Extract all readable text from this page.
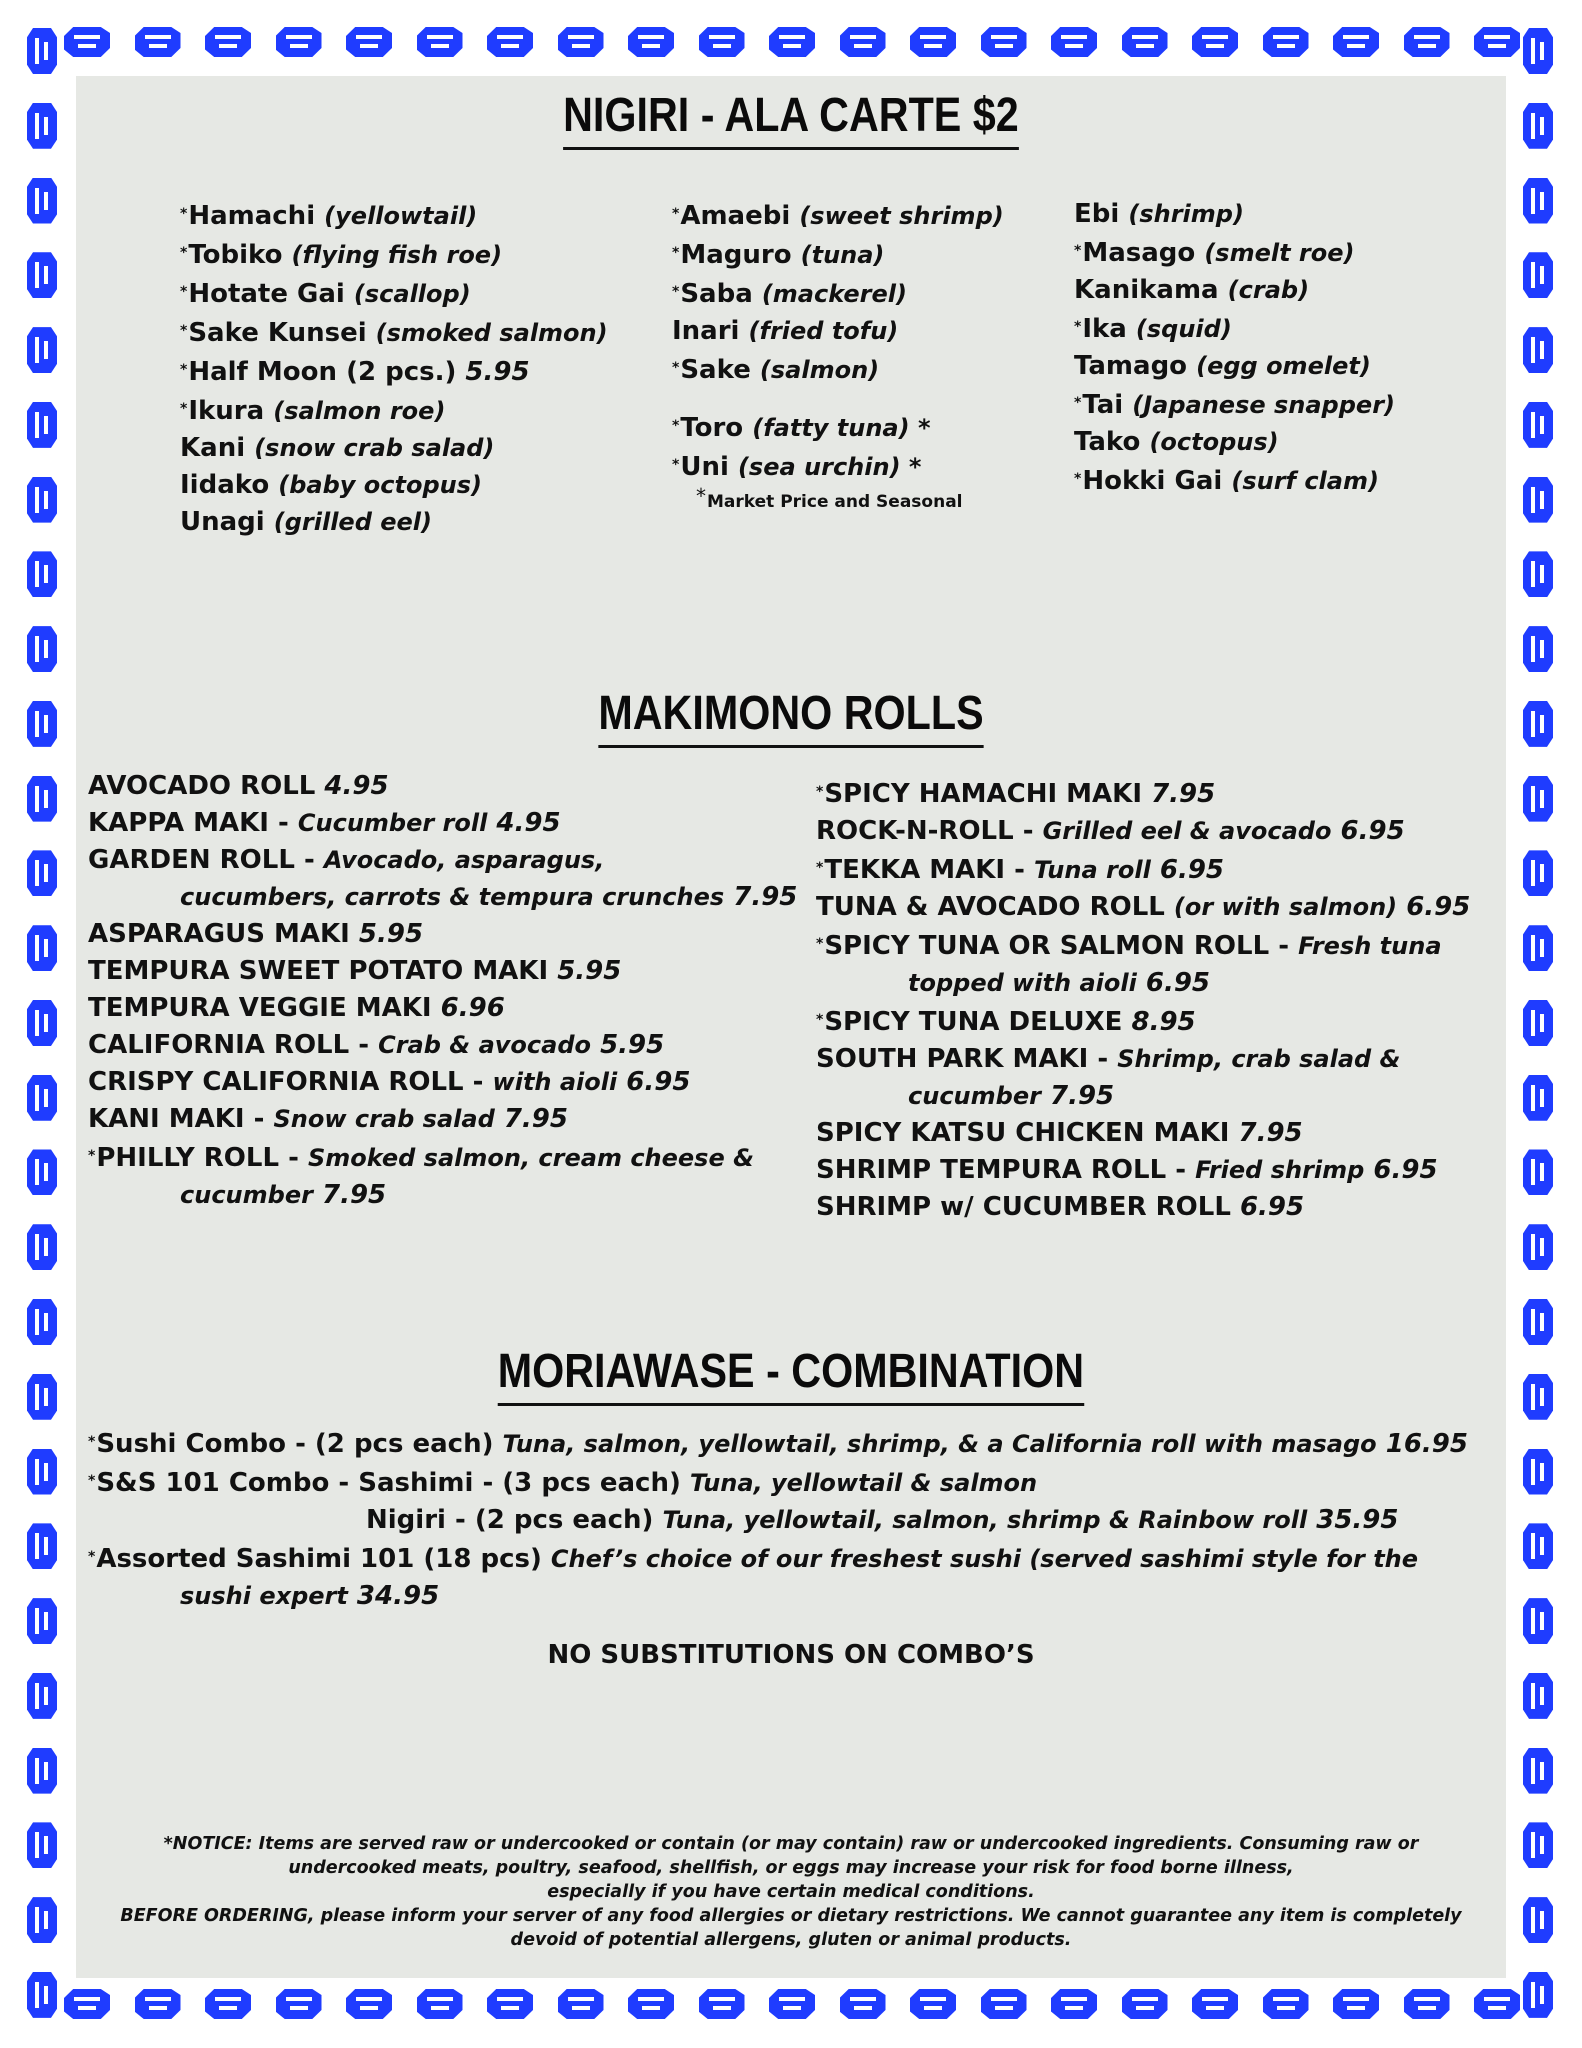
NIGIRI - ALA CARTE $2
*Hamachi (yellowtail)
*Tobiko (flying fish roe)
*Hotate Gai (scallop)
*Sake Kunsei (smoked salmon)
*Half Moon (2 pcs.) 5.95
*Ikura (salmon roe)
Kani (snow crab salad)
Iidako (baby octopus)
Unagi (grilled eel)
*Amaebi (sweet shrimp)
*Maguro (tuna)
*Saba (mackerel)
Inari (fried tofu)
*Sake (salmon)
*Toro (fatty tuna) *
*Uni (sea urchin) *
*Market Price and Seasonal
Ebi (shrimp)
*Masago (smelt roe)
Kanikama (crab)
*Ika (squid)
Tamago (egg omelet)
*Tai (Japanese snapper)
Tako (octopus)
*Hokki Gai (surf clam)
MAKIMONO ROLLS
AVOCADO ROLL 4.95
KAPPA MAKI - Cucumber roll 4.95
GARDEN ROLL - Avocado, asparagus,
cucumbers, carrots & tempura crunches 7.95
ASPARAGUS MAKI 5.95
TEMPURA SWEET POTATO MAKI 5.95
TEMPURA VEGGIE MAKI 6.96
CALIFORNIA ROLL - Crab & avocado 5.95
CRISPY CALIFORNIA ROLL - with aioli 6.95
KANI MAKI - Snow crab salad 7.95
*PHILLY ROLL - Smoked salmon, cream cheese &
cucumber 7.95
*SPICY HAMACHI MAKI 7.95
ROCK-N-ROLL - Grilled eel & avocado 6.95
*TEKKA MAKI - Tuna roll 6.95
TUNA & AVOCADO ROLL (or with salmon) 6.95
*SPICY TUNA OR SALMON ROLL - Fresh tuna
topped with aioli 6.95
*SPICY TUNA DELUXE 8.95
SOUTH PARK MAKI - Shrimp, crab salad &
cucumber 7.95
SPICY KATSU CHICKEN MAKI 7.95
SHRIMP TEMPURA ROLL - Fried shrimp 6.95
SHRIMP w/ CUCUMBER ROLL 6.95
MORIAWASE - COMBINATION
*Sushi Combo - (2 pcs each) Tuna, salmon, yellowtail, shrimp, & a California roll with masago 16.95
*S&S 101 Combo - Sashimi - (3 pcs each) Tuna, yellowtail & salmon
Nigiri - (2 pcs each) Tuna, yellowtail, salmon, shrimp & Rainbow roll 35.95
*Assorted Sashimi 101 (18 pcs) Chef’s choice of our freshest sushi (served sashimi style for the
sushi expert 34.95
NO SUBSTITUTIONS ON COMBO’S
*NOTICE: Items are served raw or undercooked or contain (or may contain) raw or undercooked ingredients. Consuming raw or
undercooked meats, poultry, seafood, shellfish, or eggs may increase your risk for food borne illness,
especially if you have certain medical conditions.
BEFORE ORDERING, please inform your server of any food allergies or dietary restrictions. We cannot guarantee any item is completely
devoid of potential allergens, gluten or animal products.
